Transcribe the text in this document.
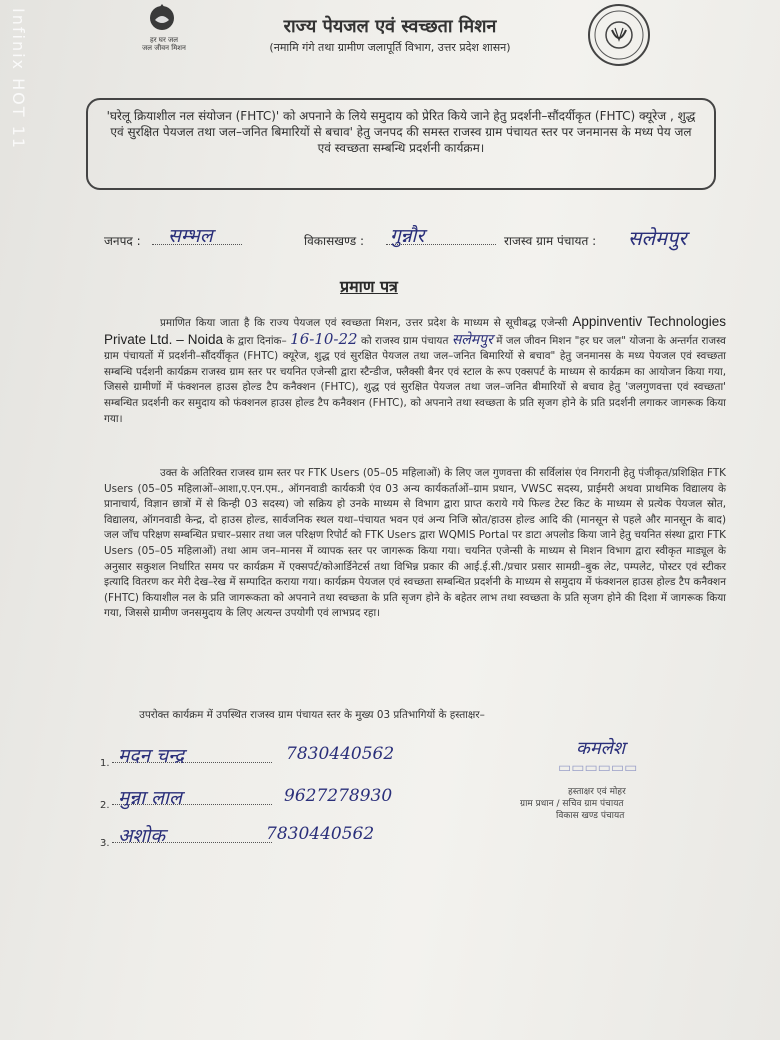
Infinix HOT 11	हर घर जल
जल जीवन मिशन
राज्य पेयजल एवं स्वच्छता मिशन
(नमामि गंगे तथा ग्रामीण जलापूर्ति विभाग, उत्तर प्रदेश शासन)
'घरेलू क्रियाशील नल संयोजन (FHTC)' को अपनाने के लिये समुदाय को प्रेरित किये जाने हेतु प्रदर्शनी–सौंदर्यीकृत (FHTC) क्यूरेज , शुद्ध एवं सुरक्षित पेयजल तथा जल–जनित बिमारियों से बचाव' हेतु जनपद की समस्त राजस्व ग्राम पंचायत स्तर पर जनमानस के मध्य पेय जल एवं स्वच्छता सम्बन्धि प्रदर्शनी कार्यक्रम।
जनपद : सम्भल	विकासखण्ड : गुन्नौर	राजस्व ग्राम पंचायत : सलेमपुर
प्रमाण पत्र
प्रमाणित किया जाता है कि राज्य पेयजल एवं स्वच्छता मिशन, उत्तर प्रदेश के माध्यम से सूचीबद्ध एजेन्सी Appinventiv Technologies Private Ltd. – Noida के द्वारा दिनांक– 16-10-22 को राजस्व ग्राम पंचायत सलेमपुर में जल जीवन मिशन "हर घर जल" योजना के अन्तर्गत राजस्व ग्राम पंचायतों में प्रदर्शनी–सौंदर्यीकृत (FHTC) क्यूरेज, शुद्ध एवं सुरक्षित पेयजल तथा जल–जनित बिमारियों से बचाव" हेतु जनमानस के मध्य पेयजल एवं स्वच्छता सम्बन्धि पर्दशनी कार्यक्रम राजस्व ग्राम स्तर पर चयनित एजेन्सी द्वारा स्टैन्डीज, फ्लैक्सी बैनर एवं स्टाल के रूप एक्सपर्ट के माध्यम से कार्यक्रम का आयोजन किया गया, जिससे ग्रामीणों में फंक्शनल हाउस होल्ड टैप कनैक्शन (FHTC), शुद्ध एवं सुरक्षित पेयजल तथा जल–जनित बीमारियों से बचाव हेतु 'जलगुणवत्ता एवं स्वच्छता' सम्बन्धित प्रदर्शनी कर समुदाय को फंक्शनल हाउस होल्ड टैप कनैक्शन (FHTC), को अपनाने तथा स्वच्छता के प्रति सृजग होने के प्रति प्रदर्शनी लगाकर जागरूक किया गया।
उक्त के अतिरिक्त राजस्व ग्राम स्तर पर FTK Users (05–05 महिलाओं) के लिए जल गुणवत्ता की सर्विलांस एंव निगरानी हेतु पंजीकृत/प्रशिक्षित FTK Users (05–05 महिलाओं–आशा,ए.एन.एम., ऑगनवाडी कार्यकत्री एंव 03 अन्य कार्यकर्ताओं–ग्राम प्रधान, VWSC सदस्य, प्राईमरी अथवा प्राथमिक विद्यालय के प्रानाचार्य, विज्ञान छात्रों में से किन्ही 03 सदस्य) जो सक्रिय हो उनके माध्यम से विभाग द्वारा प्राप्त कराये गये फिल्ड टेस्ट किट के माध्यम से प्रत्येक पेयजल स्रोत, विद्यालय, ऑगनवाडी केन्द्र, दो हाउस होल्ड, सार्वजनिक स्थल यथा–पंचायत भवन एवं अन्य निजि स्रोत/हाउस होल्ड आदि की (मानसून से पहले और मानसून के बाद) जल जाँच परिक्षण सम्बन्धित प्रचार–प्रसार तथा जल परिक्षण रिपोर्ट को FTK Users द्वारा WQMIS Portal पर डाटा अपलोड किया जाने हेतु चयनित संस्था द्वारा FTK Users (05–05 महिलाओं) तथा आम जन–मानस में व्यापक स्तर पर जागरूक किया गया। चयनित एजेन्सी के माध्यम से मिशन विभाग द्वारा स्वीकृत माड्यूल के अनुसार सकुशल निर्धारित समय पर कार्यक्रम में एक्सपर्ट/कोआर्डिनेटर्स तथा विभिन्न प्रकार की आई.ई.सी./प्रचार प्रसार सामग्री–बुक लेट, पम्पलेट, पोस्टर एवं स्टीकर इत्यादि वितरण कर मेरी देख–रेख में सम्पादित कराया गया। कार्यक्रम पेयजल एवं स्वच्छता सम्बन्धित प्रदर्शनी के माध्यम से समुदाय में फंक्शनल हाउस होल्ड टैप कनैक्शन (FHTC) कियाशील नल के प्रति जागरूकता को अपनाने तथा स्वच्छता के प्रति सृजग होने के बहेतर लाभ तथा स्वच्छता के प्रति सृजग होने की दिशा में जागरूक किया गया, जिससे ग्रामीण जनसमुदाय के लिए अत्यन्त उपयोगी एवं लाभप्रद रहा।
उपरोक्त कार्यक्रम में उपस्थित राजस्व ग्राम पंचायत स्तर के मुख्य 03 प्रतिभागियों के हस्ताक्षर–
1. मदन चन्द्र	7830440562
2. मुन्ना लाल	9627278930
3. अशोक	7830440562
कमलेश
▭▭▭▭▭▭
हस्ताक्षर एवं मोहर
ग्राम प्रधान / सचिव ग्राम पंचायत
विकास खण्ड पंचायत
